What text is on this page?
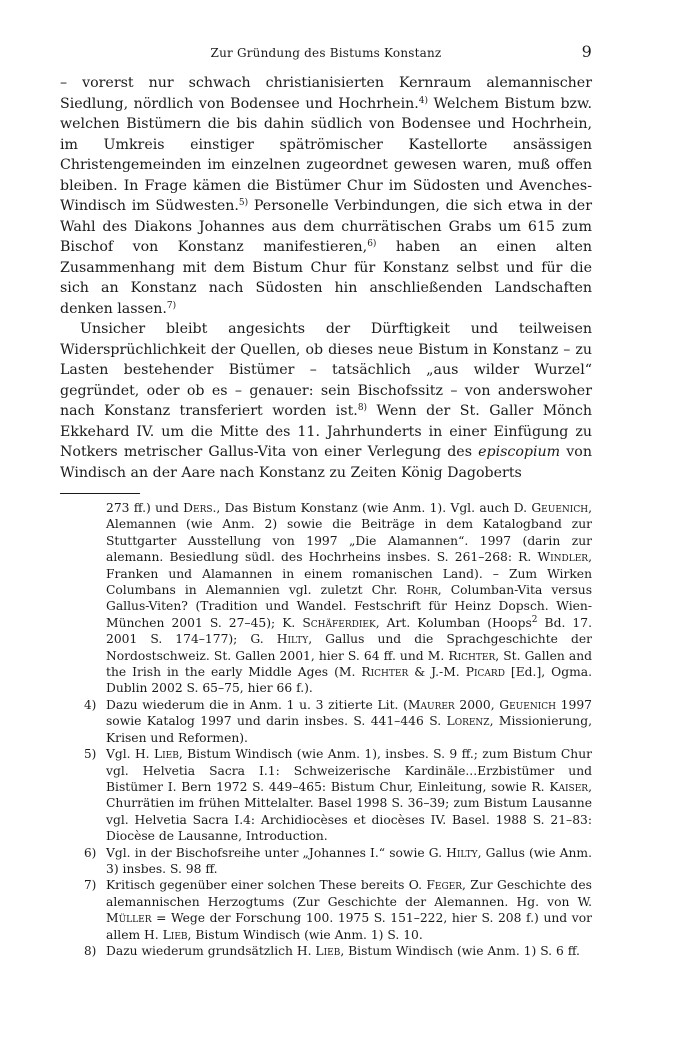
Zur Gründung des Bistums Konstanz	9

– vorerst nur schwach christianisierten Kernraum alemannischer Siedlung, nördlich von Bodensee und Hochrhein.$^{4)}$ Welchem Bistum bzw. welchen Bistümern die bis dahin südlich von Bodensee und Hochrhein, im Umkreis einstiger spätrömischer Kastellorte ansässigen Christengemeinden im einzelnen zugeordnet gewesen waren, muß offen bleiben. In Frage kämen die Bistümer Chur im Südosten und Avenches-Windisch im Südwesten.$^{5)}$ Personelle Verbindungen, die sich etwa in der Wahl des Diakons Johannes aus dem churrätischen Grabs um 615 zum Bischof von Konstanz manifestieren,$^{6)}$ haben an einen alten Zusammenhang mit dem Bistum Chur für Konstanz selbst und für die sich an Konstanz nach Südosten hin anschließenden Landschaften denken lassen.$^{7)}$

Unsicher bleibt angesichts der Dürftigkeit und teilweisen Widersprüchlichkeit der Quellen, ob dieses neue Bistum in Konstanz – zu Lasten bestehender Bistümer – tatsächlich „aus wilder Wurzel“ gegründet, oder ob es – genauer: sein Bischofssitz – von anderswoher nach Konstanz transferiert worden ist.$^{8)}$ Wenn der St. Galler Mönch Ekkehard IV. um die Mitte des 11. Jahrhunderts in einer Einfügung zu Notkers metrischer Gallus-Vita von einer Verlegung des episcopium von Windisch an der Aare nach Konstanz zu Zeiten König Dagoberts

273 ff.) und Ders., Das Bistum Konstanz (wie Anm. 1). Vgl. auch D. Geuenich, Alemannen (wie Anm. 2) sowie die Beiträge in dem Katalogband zur Stuttgarter Ausstellung von 1997 „Die Alamannen“. 1997 (darin zur alemann. Besiedlung südl. des Hochrheins insbes. S. 261–268: R. Windler, Franken und Alamannen in einem romanischen Land). – Zum Wirken Columbans in Alemannien vgl. zuletzt Chr. Rohr, Columban-Vita versus Gallus-Viten? (Tradition und Wandel. Festschrift für Heinz Dopsch. Wien-München 2001 S. 27–45); K. Schäferdiek, Art. Kolumban (Hoops$^2$ Bd. 17. 2001 S. 174–177); G. Hilty, Gallus und die Sprachgeschichte der Nordostschweiz. St. Gallen 2001, hier S. 64 ff. und M. Richter, St. Gallen and the Irish in the early Middle Ages (M. Richter & J.-M. Picard [Ed.], Ogma. Dublin 2002 S. 65–75, hier 66 f.).
4) Dazu wiederum die in Anm. 1 u. 3 zitierte Lit. (Maurer 2000, Geuenich 1997 sowie Katalog 1997 und darin insbes. S. 441–446 S. Lorenz, Missionierung, Krisen und Reformen).
5) Vgl. H. Lieb, Bistum Windisch (wie Anm. 1), insbes. S. 9 ff.; zum Bistum Chur vgl. Helvetia Sacra I.1: Schweizerische Kardinäle...Erzbistümer und Bistümer I. Bern 1972 S. 449–465: Bistum Chur, Einleitung, sowie R. Kaiser, Churrätien im frühen Mittelalter. Basel 1998 S. 36–39; zum Bistum Lausanne vgl. Helvetia Sacra I.4: Archidiocèses et diocèses IV. Basel. 1988 S. 21–83: Diocèse de Lausanne, Introduction.
6) Vgl. in der Bischofsreihe unter „Johannes I.“ sowie G. Hilty, Gallus (wie Anm. 3) insbes. S. 98 ff.
7) Kritisch gegenüber einer solchen These bereits O. Feger, Zur Geschichte des alemannischen Herzogtums (Zur Geschichte der Alemannen. Hg. von W. Müller = Wege der Forschung 100. 1975 S. 151–222, hier S. 208 f.) und vor allem H. Lieb, Bistum Windisch (wie Anm. 1) S. 10.
8) Dazu wiederum grundsätzlich H. Lieb, Bistum Windisch (wie Anm. 1) S. 6 ff.
